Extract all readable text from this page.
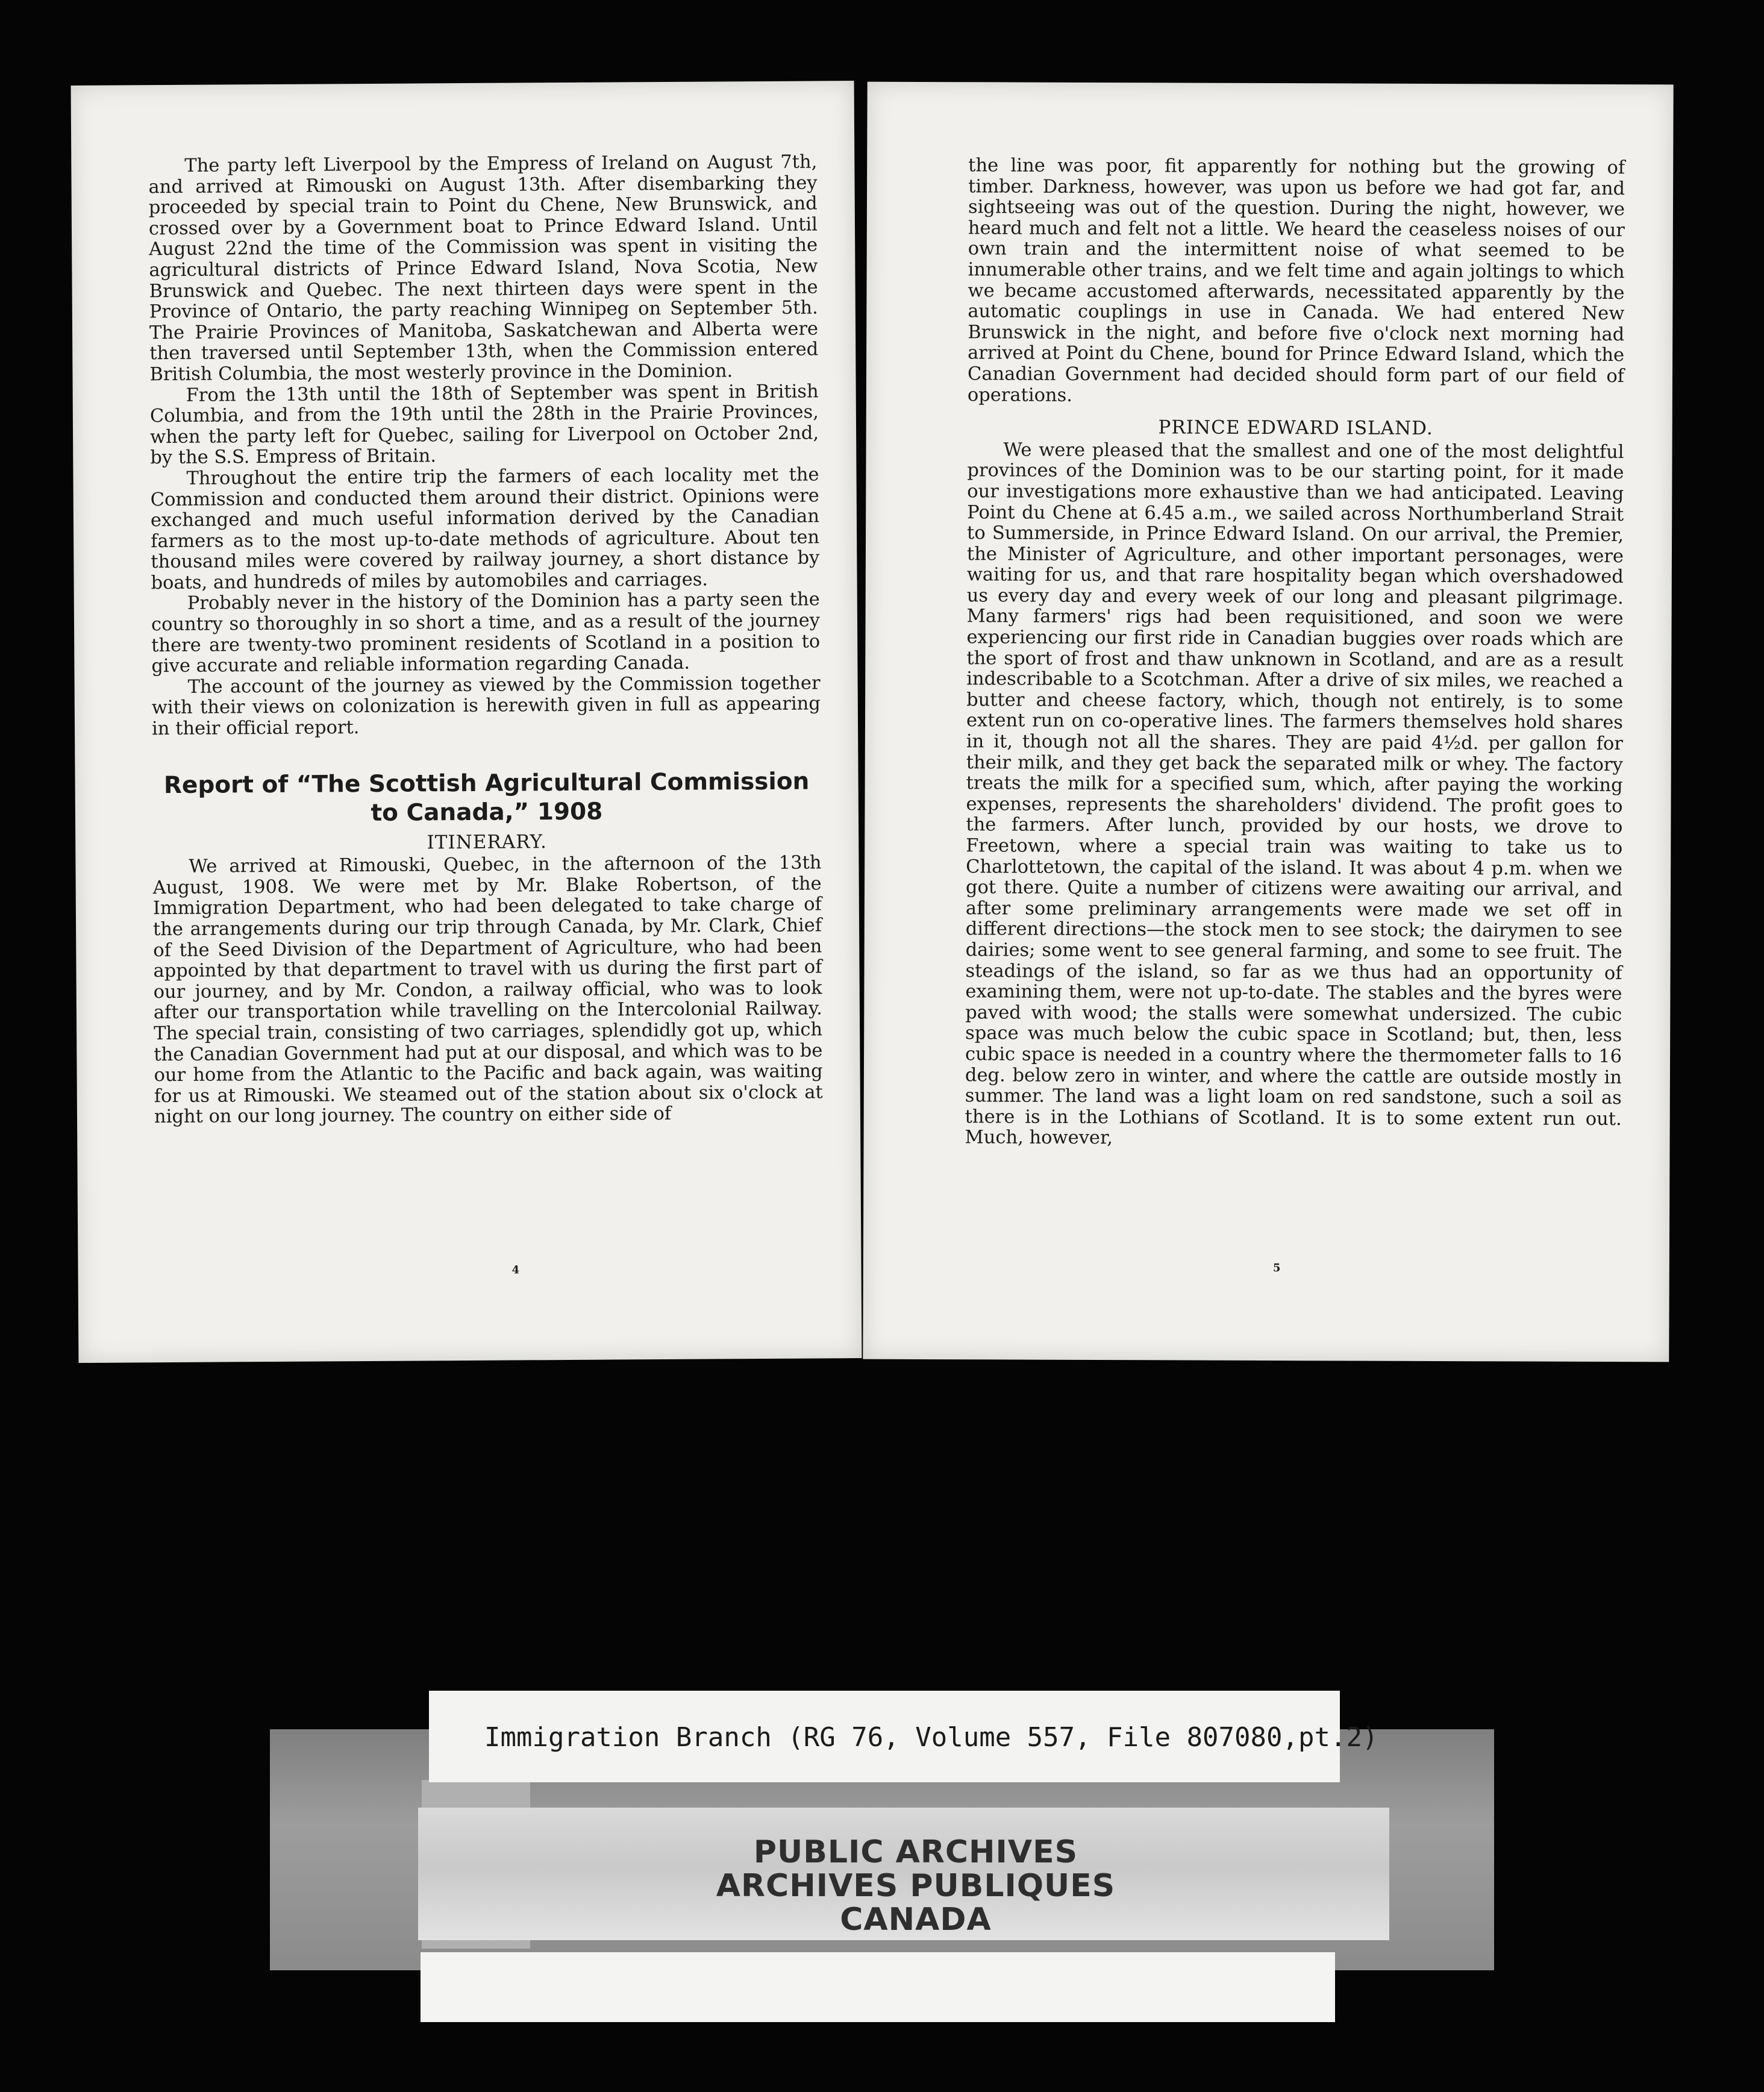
The party left Liverpool by the Empress of Ireland on August 7th, and arrived at Rimouski on August 13th. After disembarking they proceeded by special train to Point du Chene, New Brunswick, and crossed over by a Government boat to Prince Edward Island. Until August 22nd the time of the Commission was spent in visiting the agricultural districts of Prince Edward Island, Nova Scotia, New Brunswick and Quebec. The next thirteen days were spent in the Province of Ontario, the party reaching Winnipeg on September 5th. The Prairie Provinces of Manitoba, Saskatchewan and Alberta were then traversed until September 13th, when the Commission entered British Columbia, the most westerly province in the Dominion.

From the 13th until the 18th of September was spent in British Columbia, and from the 19th until the 28th in the Prairie Provinces, when the party left for Quebec, sailing for Liverpool on October 2nd, by the S.S. Empress of Britain.

Throughout the entire trip the farmers of each locality met the Commission and conducted them around their district. Opinions were exchanged and much useful information derived by the Canadian farmers as to the most up-to-date methods of agriculture. About ten thousand miles were covered by railway journey, a short distance by boats, and hundreds of miles by automobiles and carriages.

Probably never in the history of the Dominion has a party seen the country so thoroughly in so short a time, and as a result of the journey there are twenty-two prominent residents of Scotland in a position to give accurate and reliable information regarding Canada.

The account of the journey as viewed by the Commission together with their views on colonization is herewith given in full as appearing in their official report.

Report of “The Scottish Agricultural Commission to Canada,” 1908
ITINERARY.

We arrived at Rimouski, Quebec, in the afternoon of the 13th August, 1908. We were met by Mr. Blake Robertson, of the Immigration Department, who had been delegated to take charge of the arrangements during our trip through Canada, by Mr. Clark, Chief of the Seed Division of the Department of Agriculture, who had been appointed by that department to travel with us during the first part of our journey, and by Mr. Condon, a railway official, who was to look after our transportation while travelling on the Intercolonial Railway. The special train, consisting of two carriages, splendidly got up, which the Canadian Government had put at our disposal, and which was to be our home from the Atlantic to the Pacific and back again, was waiting for us at Rimouski. We steamed out of the station about six o'clock at night on our long journey. The country on either side of

4

the line was poor, fit apparently for nothing but the growing of timber. Darkness, however, was upon us before we had got far, and sightseeing was out of the question. During the night, however, we heard much and felt not a little. We heard the ceaseless noises of our own train and the intermittent noise of what seemed to be innumerable other trains, and we felt time and again joltings to which we became accustomed afterwards, necessitated apparently by the automatic couplings in use in Canada. We had entered New Brunswick in the night, and before five o'clock next morning had arrived at Point du Chene, bound for Prince Edward Island, which the Canadian Government had decided should form part of our field of operations.

PRINCE EDWARD ISLAND.

We were pleased that the smallest and one of the most delightful provinces of the Dominion was to be our starting point, for it made our investigations more exhaustive than we had anticipated. Leaving Point du Chene at 6.45 a.m., we sailed across Northumberland Strait to Summerside, in Prince Edward Island. On our arrival, the Premier, the Minister of Agriculture, and other important personages, were waiting for us, and that rare hospitality began which overshadowed us every day and every week of our long and pleasant pilgrimage. Many farmers' rigs had been requisitioned, and soon we were experiencing our first ride in Canadian buggies over roads which are the sport of frost and thaw unknown in Scotland, and are as a result indescribable to a Scotchman. After a drive of six miles, we reached a butter and cheese factory, which, though not entirely, is to some extent run on co-operative lines. The farmers themselves hold shares in it, though not all the shares. They are paid 4½d. per gallon for their milk, and they get back the separated milk or whey. The factory treats the milk for a specified sum, which, after paying the working expenses, represents the shareholders' dividend. The profit goes to the farmers. After lunch, provided by our hosts, we drove to Freetown, where a special train was waiting to take us to Charlottetown, the capital of the island. It was about 4 p.m. when we got there. Quite a number of citizens were awaiting our arrival, and after some preliminary arrangements were made we set off in different directions—the stock men to see stock; the dairymen to see dairies; some went to see general farming, and some to see fruit. The steadings of the island, so far as we thus had an opportunity of examining them, were not up-to-date. The stables and the byres were paved with wood; the stalls were somewhat undersized. The cubic space was much below the cubic space in Scotland; but, then, less cubic space is needed in a country where the thermometer falls to 16 deg. below zero in winter, and where the cattle are outside mostly in summer. The land was a light loam on red sandstone, such a soil as there is in the Lothians of Scotland. It is to some extent run out. Much, however,

5
PUBLIC ARCHIVES
ARCHIVES PUBLIQUES
CANADA
Immigration Branch (RG 76, Volume 557, File 807080,pt.2)
